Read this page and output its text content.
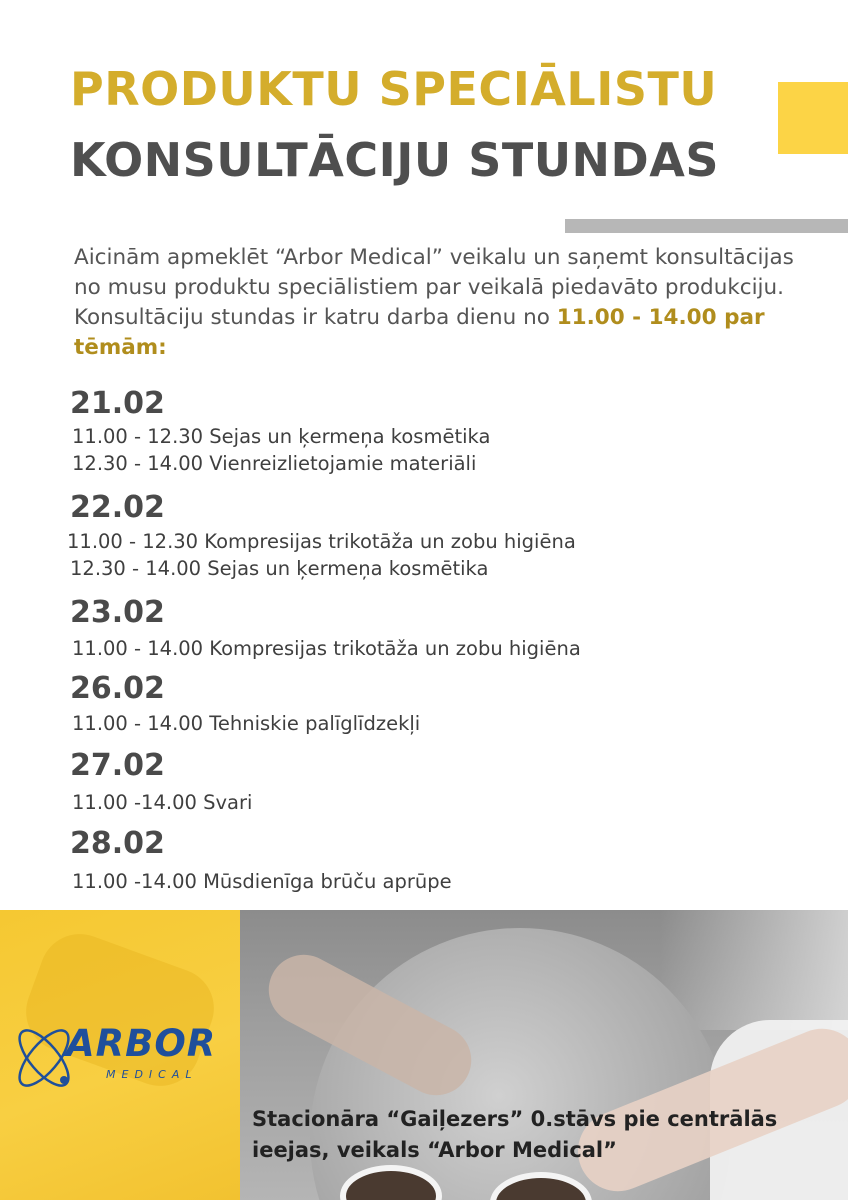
PRODUKTU SPECIĀLISTU
KONSULTĀCIJU STUNDAS
Aicinām apmeklēt “Arbor Medical” veikalu un saņemt konsultācijas no musu produktu speciālistiem par veikalā piedavāto produkciju. Konsultāciju stundas ir katru darba dienu no 11.00 - 14.00 par tēmām:
21.02
11.00 - 12.30 Sejas un ķermeņa kosmētika
12.30 - 14.00 Vienreizlietojamie materiāli
22.02
11.00 - 12.30 Kompresijas trikotāža un zobu higiēna
12.30 - 14.00 Sejas un ķermeņa kosmētika
23.02
11.00 - 14.00 Kompresijas trikotāža un zobu higiēna
26.02
11.00 - 14.00 Tehniskie palīglīdzekļi
27.02
11.00 -14.00 Svari
28.02
11.00 -14.00 Mūsdienīga brūču aprūpe
ARBOR
MEDICAL
Stacionāra “Gaiļezers” 0.stāvs pie centrālās
ieejas, veikals “Arbor Medical”
